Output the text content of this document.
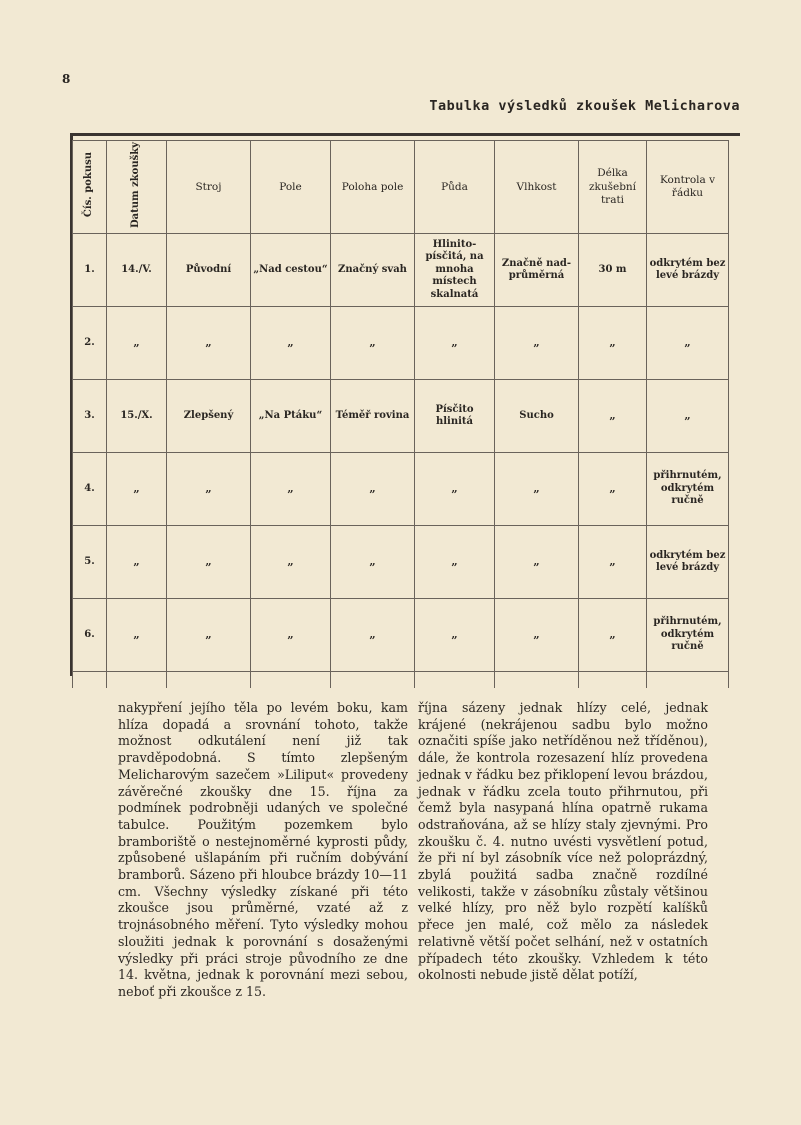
8
Tabulka výsledků zkoušek Melicharova
Čís. pokusu	Datum zkoušky	Stroj	Pole	Poloha pole	Půda	Vlhkost	Délka zkušební trati	Kontrola v řádku
1.	14./V.	Původní	„Nad cestou“	Značný svah	Hlinito-písčitá, na mnoha místech skalnatá	Značně nad-průměrná	30 m	odkrytém bez levé brázdy
2.	„	„	„	„	„	„	„	„
3.	15./X.	Zlepšený	„Na Ptáku“	Téměř rovina	Písčito hlinitá	Sucho	„	„
4.	„	„	„	„	„	„	„	přihrnutém, odkrytém ručně
5.	„	„	„	„	„	„	„	odkrytém bez levé brázdy
6.	„	„	„	„	„	„	„	přihrnutém, odkrytém ručně

nakypření jejího těla po levém boku, kam hlíza dopadá a srovnání tohoto, takže možnost odkutálení není již tak pravděpodobná. S tímto zlepšeným Melicharovým sazečem »Liliput« provedeny závěrečné zkoušky dne 15. října za podmínek podrobněji udaných ve společné tabulce. Použitým pozemkem bylo bramboriště o nestejnoměrné kyprosti půdy, způsobené ušlapáním při ručním dobývání bramborů. Sázeno při hloubce brázdy 10—11 cm. Všechny výsledky získané při této zkoušce jsou průměrné, vzaté až z trojnásobného měření. Tyto výsledky mohou sloužiti jednak k porovnání s dosaženými výsledky při práci stroje původního ze dne 14. května, jednak k porovnání mezi sebou, neboť při zkoušce z 15.

října sázeny jednak hlízy celé, jednak krájené (nekrájenou sadbu bylo možno označiti spíše jako netříděnou než tříděnou), dále, že kontrola rozesazení hlíz provedena jednak v řádku bez přiklopení levou brázdou, jednak v řádku zcela touto přihrnutou, při čemž byla nasypaná hlína opatrně rukama odstraňována, až se hlízy staly zjevnými. Pro zkoušku č. 4. nutno uvésti vysvětlení potud, že při ní byl zásobník více než poloprázdný, zbylá použitá sadba značně rozdílné velikosti, takže v zásobníku zůstaly většinou velké hlízy, pro něž bylo rozpětí kalíšků přece jen malé, což mělo za následek relativně větší počet selhání, než v ostatních případech této zkoušky. Vzhledem k této okolnosti nebude jistě dělat potíží,
